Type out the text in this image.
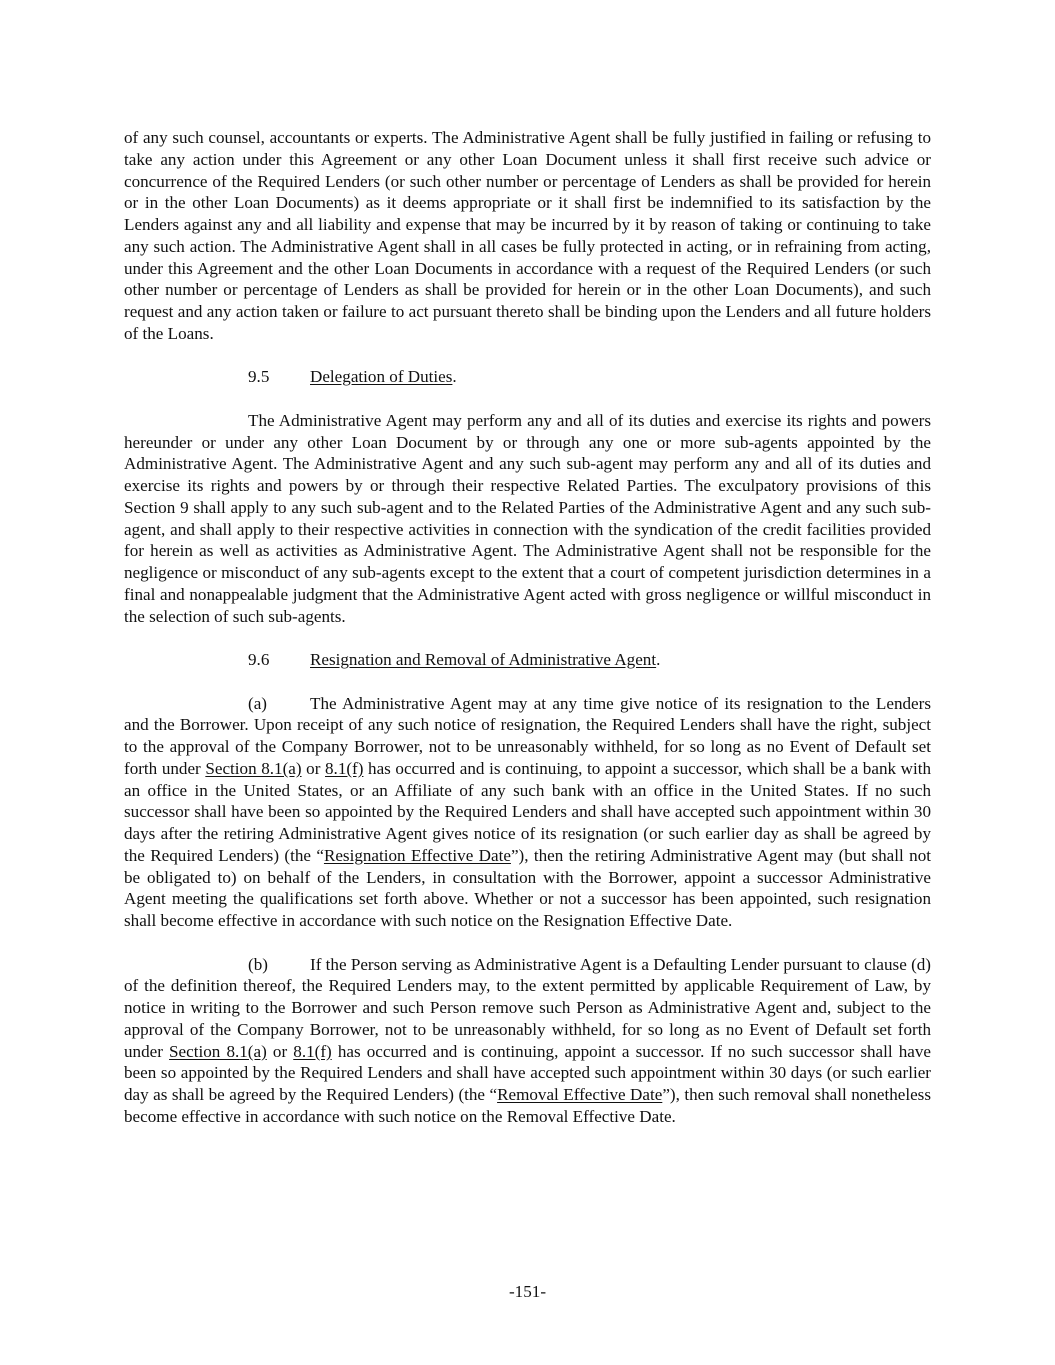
of any such counsel, accountants or experts. The Administrative Agent shall be fully justified in failing or refusing to take any action under this Agreement or any other Loan Document unless it shall first receive such advice or concurrence of the Required Lenders (or such other number or percentage of Lenders as shall be provided for herein or in the other Loan Documents) as it deems appropriate or it shall first be indemnified to its satisfaction by the Lenders against any and all liability and expense that may be incurred by it by reason of taking or continuing to take any such action. The Administrative Agent shall in all cases be fully protected in acting, or in refraining from acting, under this Agreement and the other Loan Documents in accordance with a request of the Required Lenders (or such other number or percentage of Lenders as shall be provided for herein or in the other Loan Documents), and such request and any action taken or failure to act pursuant thereto shall be binding upon the Lenders and all future holders of the Loans.

9.5 Delegation of Duties.

The Administrative Agent may perform any and all of its duties and exercise its rights and powers hereunder or under any other Loan Document by or through any one or more sub-agents appointed by the Administrative Agent. The Administrative Agent and any such sub-agent may perform any and all of its duties and exercise its rights and powers by or through their respective Related Parties. The exculpatory provisions of this Section 9 shall apply to any such sub-agent and to the Related Parties of the Administrative Agent and any such sub-agent, and shall apply to their respective activities in connection with the syndication of the credit facilities provided for herein as well as activities as Administrative Agent. The Administrative Agent shall not be responsible for the negligence or misconduct of any sub-agents except to the extent that a court of competent jurisdiction determines in a final and nonappealable judgment that the Administrative Agent acted with gross negligence or willful misconduct in the selection of such sub-agents.

9.6 Resignation and Removal of Administrative Agent.

(a)	The Administrative Agent may at any time give notice of its resignation to the Lenders and the Borrower. Upon receipt of any such notice of resignation, the Required Lenders shall have the right, subject to the approval of the Company Borrower, not to be unreasonably withheld, for so long as no Event of Default set forth under Section 8.1(a) or 8.1(f) has occurred and is continuing, to appoint a successor, which shall be a bank with an office in the United States, or an Affiliate of any such bank with an office in the United States. If no such successor shall have been so appointed by the Required Lenders and shall have accepted such appointment within 30 days after the retiring Administrative Agent gives notice of its resignation (or such earlier day as shall be agreed by the Required Lenders) (the “Resignation Effective Date”), then the retiring Administrative Agent may (but shall not be obligated to) on behalf of the Lenders, in consultation with the Borrower, appoint a successor Administrative Agent meeting the qualifications set forth above. Whether or not a successor has been appointed, such resignation shall become effective in accordance with such notice on the Resignation Effective Date.

(b) If the Person serving as Administrative Agent is a Defaulting Lender pursuant to clause (d) of the definition thereof, the Required Lenders may, to the extent permitted by applicable Requirement of Law, by notice in writing to the Borrower and such Person remove such Person as Administrative Agent and, subject to the approval of the Company Borrower, not to be unreasonably withheld, for so long as no Event of Default set forth under Section 8.1(a) or 8.1(f) has occurred and is continuing, appoint a successor. If no such successor shall have been so appointed by the Required Lenders and shall have accepted such appointment within 30 days (or such earlier day as shall be agreed by the Required Lenders) (the “Removal Effective Date”), then such removal shall nonetheless become effective in accordance with such notice on the Removal Effective Date.

-151-
